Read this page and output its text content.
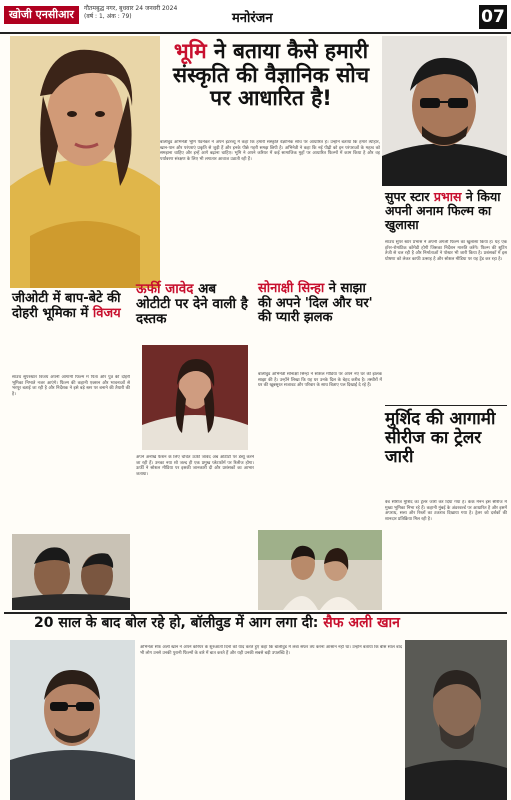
खोजी एनसीआर	गौतमबुद्ध नगर, बुधवार 24 जनवरी 2024
(वर्ष : 1, अंक : 79)	मनोरंजन	07
भूमि ने बताया कैसे हमारी संस्कृति की वैज्ञानिक सोच पर आधारित है!
बॉलीवुड अभिनेत्री भूमि पेडनेकर ने अपने इंटरव्यू में कहा कि हमारी संस्कृति वैज्ञानिक सोच पर आधारित है। उन्होंने बताया कि हमारे त्योहार, खान-पान और परंपराएं प्रकृति से जुड़ी हैं और इनके पीछे गहरी समझ छिपी है। अभिनेत्री ने कहा कि नई पीढ़ी को इन परंपराओं के महत्व को समझना चाहिए और इन्हें आगे बढ़ाना चाहिए। भूमि ने अपने करियर में कई सामाजिक मुद्दों पर आधारित फिल्मों में काम किया है और वह पर्यावरण संरक्षण के लिए भी लगातार आवाज उठाती रही हैं।
सुपर स्टार प्रभास ने किया अपनी अनाम फिल्म का खुलासा
साउथ सुपर स्टार प्रभास ने अपनी अगली फिल्म का खुलासा किया है। यह एक हॉरर-रोमांटिक कॉमेडी होगी जिसका निर्देशन मारुति करेंगे। फिल्म की शूटिंग तेजी से चल रही है और निर्माताओं ने पोस्टर भी जारी किया है। प्रशंसकों में इस घोषणा को लेकर काफी उत्साह है और सोशल मीडिया पर यह ट्रेंड कर रहा है।
जीओटी में बाप-बेटे की दोहरी भूमिका में विजय
साउथ सुपरस्टार विजय अपनी आगामी फिल्म में पिता और पुत्र की दोहरी भूमिका निभाते नजर आएंगे। फिल्म की कहानी एक्शन और भावनाओं से भरपूर बताई जा रही है और निर्देशक ने इसे बड़े स्तर पर बनाने की तैयारी की है।
ऊर्फी जावेद अब ओटीटी पर देने वाली है दस्तक
अपने अनोखे फैशन के लिए चर्चित ऊर्फी जावेद अब ओटीटी पर डेब्यू करने जा रही हैं। उनका नया शो जल्द ही एक प्रमुख प्लेटफॉर्म पर रिलीज होगा। ऊर्फी ने सोशल मीडिया पर इसकी जानकारी दी और प्रशंसकों का आभार जताया।
सोनाक्षी सिन्हा ने साझा की अपने 'दिल और घर' की प्यारी झलक
बॉलीवुड अभिनेत्री सोनाक्षी सिन्हा ने सोशल मीडिया पर अपने नए घर की झलक साझा की है। उन्होंने लिखा कि यह घर उनके दिल के बेहद करीब है। तस्वीरों में घर की खूबसूरत सजावट और परिवार के साथ बिताए पल दिखाई दे रहे हैं।
मुर्शिद की आगामी सीरीज का ट्रेलर जारी
वेब सीरीज मुर्शिद का ट्रेलर जारी कर दिया गया है। केके मेनन इस सीरीज में मुख्य भूमिका निभा रहे हैं। कहानी मुंबई के अंडरवर्ल्ड पर आधारित है और इसमें अपराध, सत्ता और रिश्तों का टकराव दिखाया गया है। ट्रेलर को दर्शकों की शानदार प्रतिक्रिया मिल रही है।
20 साल के बाद बोल रहे हो, बॉलीवुड में आग लगा दी: सैफ अली खान
अभिनेता सैफ अली खान ने अपने करियर के शुरुआती दिनों को याद करते हुए कहा कि बॉलीवुड में लंबा सफर तय करना आसान नहीं था। उन्होंने बताया कि बीस साल बाद भी लोग उनसे उनकी पुरानी फिल्मों के बारे में बात करते हैं और यही उनकी सबसे बड़ी उपलब्धि है।
